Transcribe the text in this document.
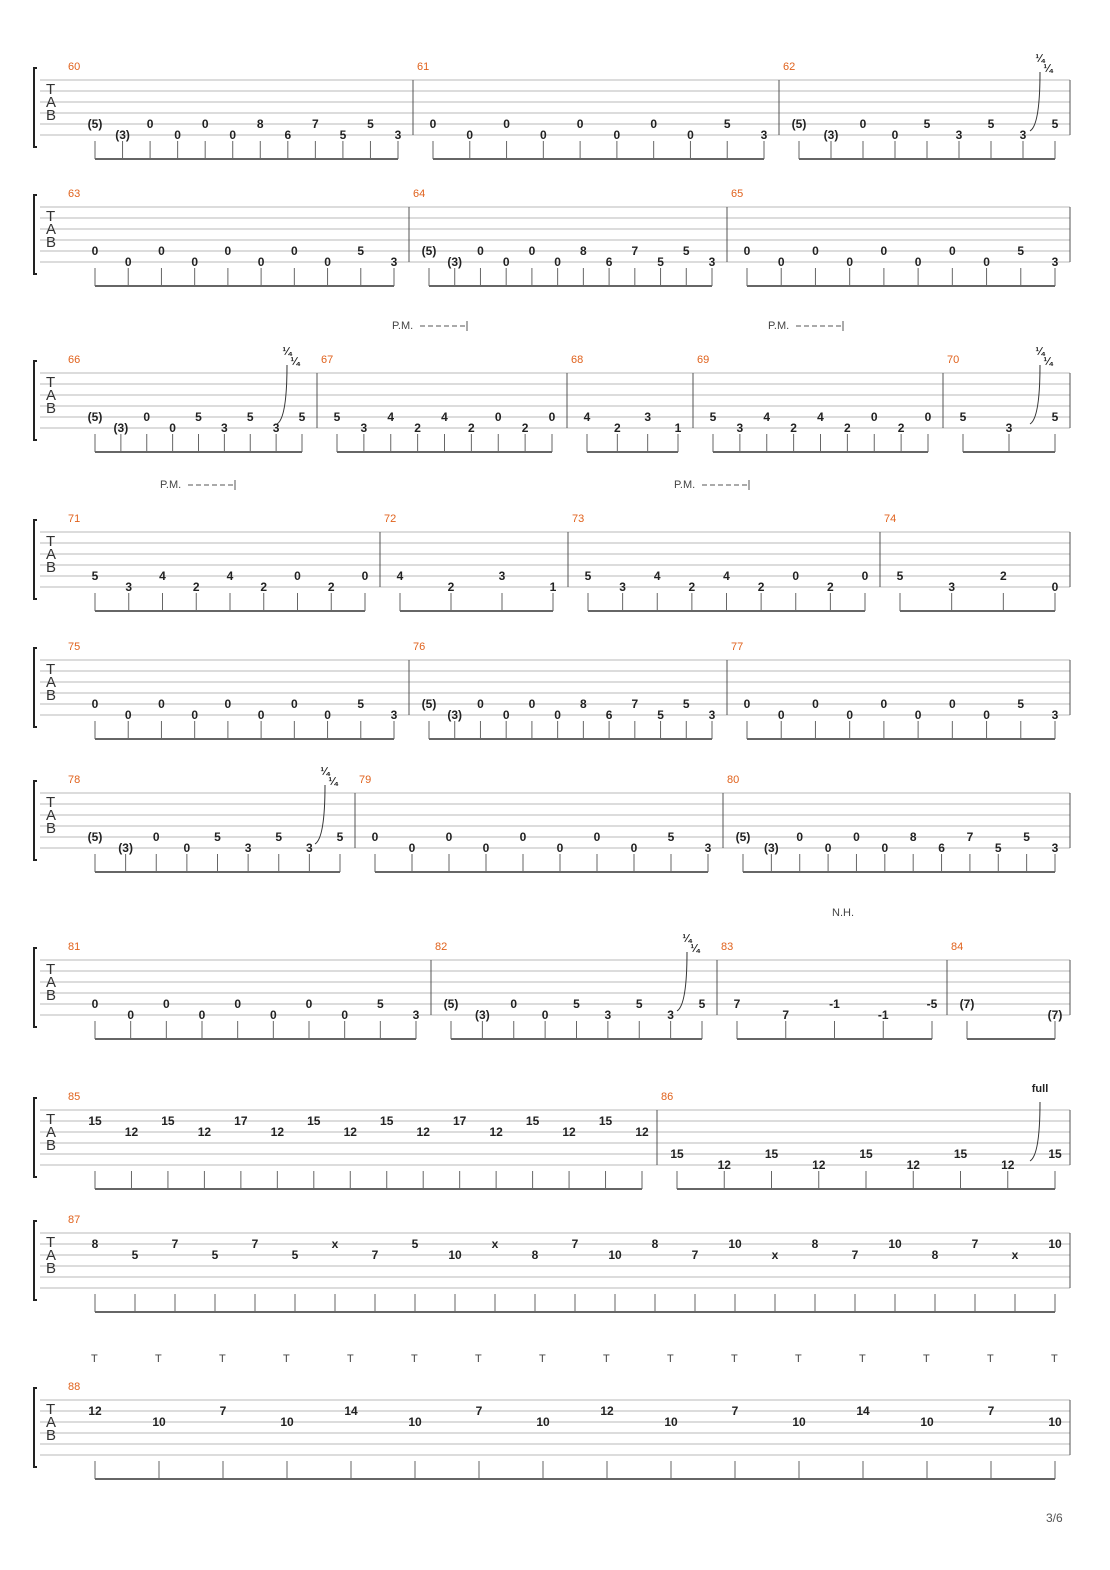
T
A
B
60
(5)
(3)
0
0
0
0
8
6
7
5
5
3
61
0
0
0
0
0
0
0
0
5
3
62
(5)
(3)
0
0
5
3
5
3
5
¼
¼
T
A
B
63
0
0
0
0
0
0
0
0
5
3
64
(5)
(3)
0
0
0
0
8
6
7
5
5
3
65
0
0
0
0
0
0
0
0
5
3
T
A
B
66
(5)
(3)
0
0
5
3
5
3
5
¼
¼ 67
5
3
4
2
4
2
0
2
0
P.M.
68
4
2
3
1
69
5
3
4
2
4
2
0
2
0
P.M.
70
5
3
5
¼
¼
T
A
B
71
5
3
4
2
4
2
0
2
0
P.M.
72
4
2
3
1
73
5
3
4
2
4
2
0
2
0
P.M.
74
5
3
2
0
T
A
B
75
0
0
0
0
0
0
0
0
5
3
76
(5)
(3)
0
0
0
0
8
6
7
5
5
3
77
0
0
0
0
0
0
0
0
5
3
T
A
B
78
(5)
(3)
0
0
5
3
5
3
5
¼
¼ 79
0
0
0
0
0
0
0
0
5
3
80
(5)
(3)
0
0
0
0
8
6
7
5
5
3
T
A
B
81
0
0
0
0
0
0
0
0
5
3
82
(5)
(3)
0
0
5
3
5
3
5
¼
¼ 83
7
7
-1
-1
-5
N.H.
84
(7)
(7)
T
A
B
85
15
12
15
12
17
12
15
12
15
12
17
12
15
12
15
12
86
15
12
15
12
15
12
15
12
15
full
T
A
B
87
8
5
7
5
7
5
x
7
5
10
x
8
7
10
8
7
10
x
8
7
10
8
7
x
10
T
A
B
88
12
10
7
10
14
10
7
10
12
10
7
10
14
10
7
10
T	T	T	T	T	T	T	T	T	T	T	T	T	T	T	T
3/6
